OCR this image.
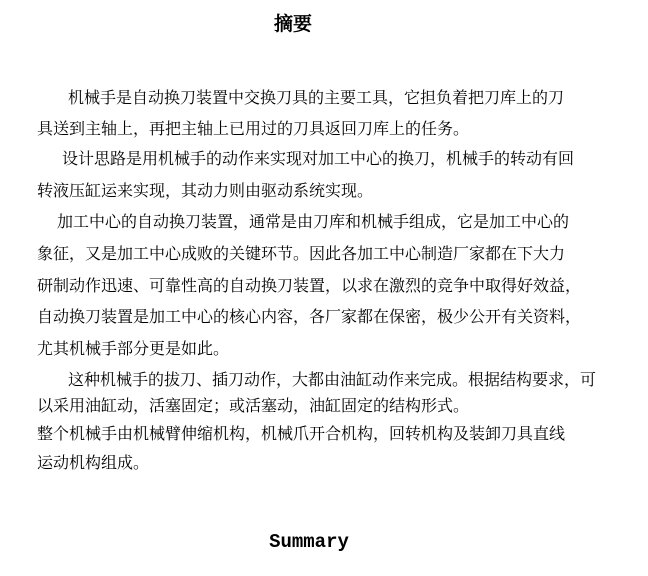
摘要
机械手是自动换刀装置中交换刀具的主要工具，它担负着把刀库上的刀
具送到主轴上，再把主轴上已用过的刀具返回刀库上的任务。
设计思路是用机械手的动作来实现对加工中心的换刀，机械手的转动有回
转液压缸运来实现，其动力则由驱动系统实现。
加工中心的自动换刀装置，通常是由刀库和机械手组成，它是加工中心的
象征，又是加工中心成败的关键环节。因此各加工中心制造厂家都在下大力
研制动作迅速、可靠性高的自动换刀装置，以求在激烈的竞争中取得好效益，
自动换刀装置是加工中心的核心内容，各厂家都在保密，极少公开有关资料，
尤其机械手部分更是如此。
这种机械手的拔刀、插刀动作，大都由油缸动作来完成。根据结构要求，可
以采用油缸动，活塞固定；或活塞动，油缸固定的结构形式。
整个机械手由机械臂伸缩机构，机械爪开合机构，回转机构及装卸刀具直线
运动机构组成。
Summary
